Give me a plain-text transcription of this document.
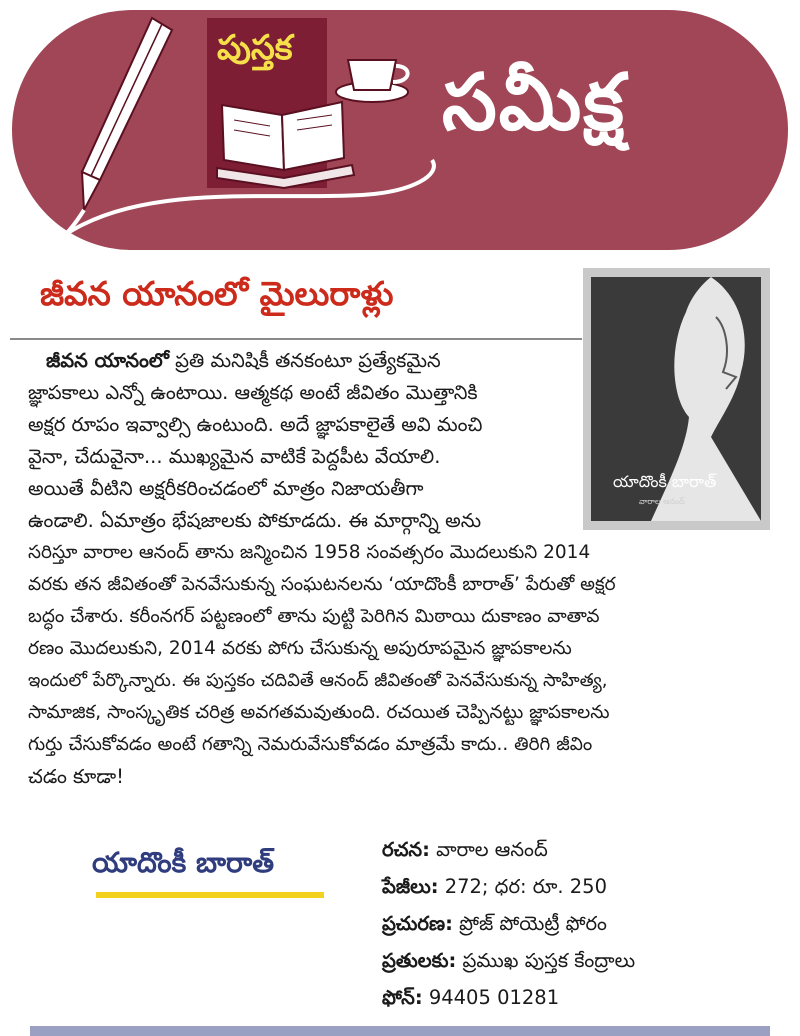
పుస్తక
సమీక్ష
జీవన యానంలో మైలురాళ్లు
యాదొంకీ బారాత్
వారాల ఆనంద్
జీవన యానంలో ప్రతి మనిషికీ తనకంటూ ప్రత్యేకమైన
జ్ఞాపకాలు ఎన్నో ఉంటాయి. ఆత్మకథ అంటే జీవితం మొత్తానికి
అక్షర రూపం ఇవ్వాల్సి ఉంటుంది. అదే జ్ఞాపకాలైతే అవి మంచి
వైనా, చేదువైనా... ముఖ్యమైన వాటికే పెద్దపీట వేయాలి.
అయితే వీటిని అక్షరీకరించడంలో మాత్రం నిజాయతీగా
ఉండాలి. ఏమాత్రం భేషజాలకు పోకూడదు. ఈ మార్గాన్ని అను
సరిస్తూ వారాల ఆనంద్ తాను జన్మించిన 1958 సంవత్సరం మొదలుకుని 2014
వరకు తన జీవితంతో పెనవేసుకున్న సంఘటనలను ‘యాదొంకీ బారాత్’ పేరుతో అక్షర
బద్ధం చేశారు. కరీంనగర్ పట్టణంలో తాను పుట్టి పెరిగిన మిఠాయి దుకాణం వాతావ
రణం మొదలుకుని, 2014 వరకు పోగు చేసుకున్న అపురూపమైన జ్ఞాపకాలను
ఇందులో పేర్కొన్నారు. ఈ పుస్తకం చదివితే ఆనంద్ జీవితంతో పెనవేసుకున్న సాహిత్య,
సామాజిక, సాంస్కృతిక చరిత్ర అవగతమవుతుంది. రచయిత చెప్పినట్టు జ్ఞాపకాలను
గుర్తు చేసుకోవడం అంటే గతాన్ని నెమరువేసుకోవడం మాత్రమే కాదు.. తిరిగి జీవిం
చడం కూడా!
యాదొంకీ బారాత్	రచన: వారాల ఆనంద్
పేజీలు: 272; ధర: రూ. 250
ప్రచురణ: ప్రోజ్ పోయెట్రీ ఫోరం
ప్రతులకు: ప్రముఖ పుస్తక కేంద్రాలు
ఫోన్: 94405 01281
